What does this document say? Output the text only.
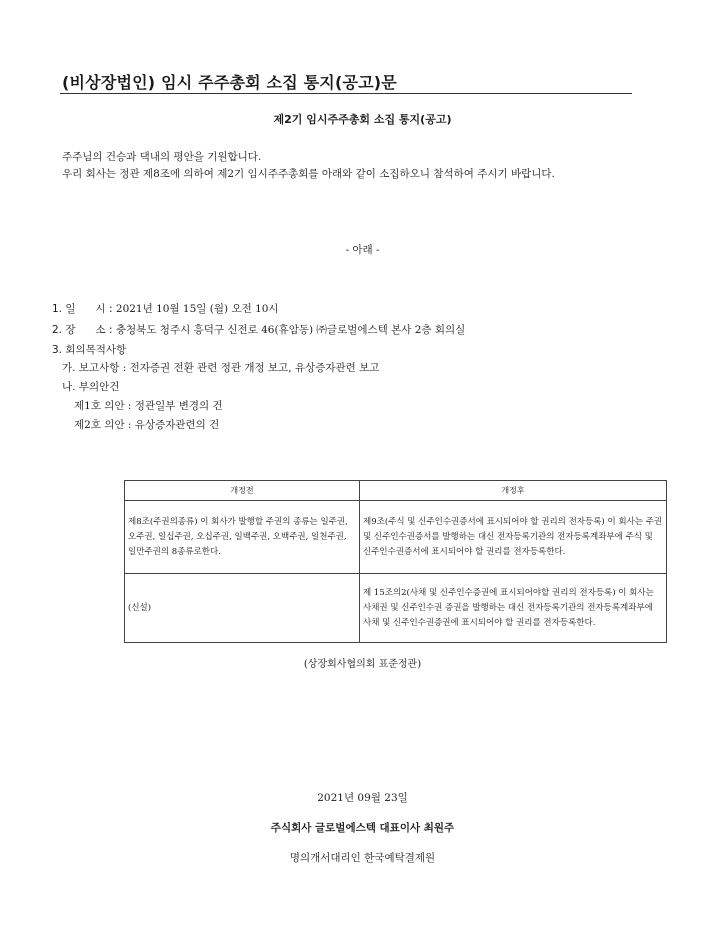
(비상장법인) 임시 주주총회 소집 통지(공고)문
제2기 임시주주총회 소집 통지(공고)
주주님의 건승과 댁내의 평안을 기원합니다.
우리 회사는 정관 제8조에 의하여 제2기 임시주주총회를 아래와 같이 소집하오니 참석하여 주시기 바랍니다.
- 아래 -
1. 일      시 : 2021년 10월 15일 (월) 오전 10시
2. 장      소 : 충청북도 청주시 흥덕구 신전로 46(휴암동) ㈜글로벌에스텍 본사 2층 회의실
3. 회의목적사항
가. 보고사항 : 전자증권 전환 관련 정관 개정 보고, 유상증자관련 보고
나. 부의안건
제1호 의안 : 정관일부 변경의 건
제2호 의안 : 유상증자관련의 건
개정전	개정후
제8조(주권의종류) 이 회사가 발행할 주권의 종류는 일주권, 오주권, 일십주권, 오십주권, 일백주권, 오백주권, 일천주권, 일만주권의 8종류로한다.	제9조(주식 및 신주인수권증서에 표시되어야 할 권리의 전자등록) 이 회사는 주권 및 신주인수권증서를 발행하는 대신 전자등록기관의 전자등록계좌부에 주식 및 신주인수권증서에 표시되어야 할 권리를 전자등록한다.
(신설)	제 15조의2(사채 및 신주인수증권에 표시되어야할 권리의 전자등록) 이 회사는 사채권 및 신주인수권 증권을 발행하는 대신 전자등록기관의 전자등록계좌부에 사채 및 신주인수권증권에 표시되어야 할 권리를 전자등록한다.
(상장회사협의회 표준정관)
2021년 09월 23일
주식회사 글로벌에스텍 대표이사 최원주
명의개서대리인 한국예탁결제원
